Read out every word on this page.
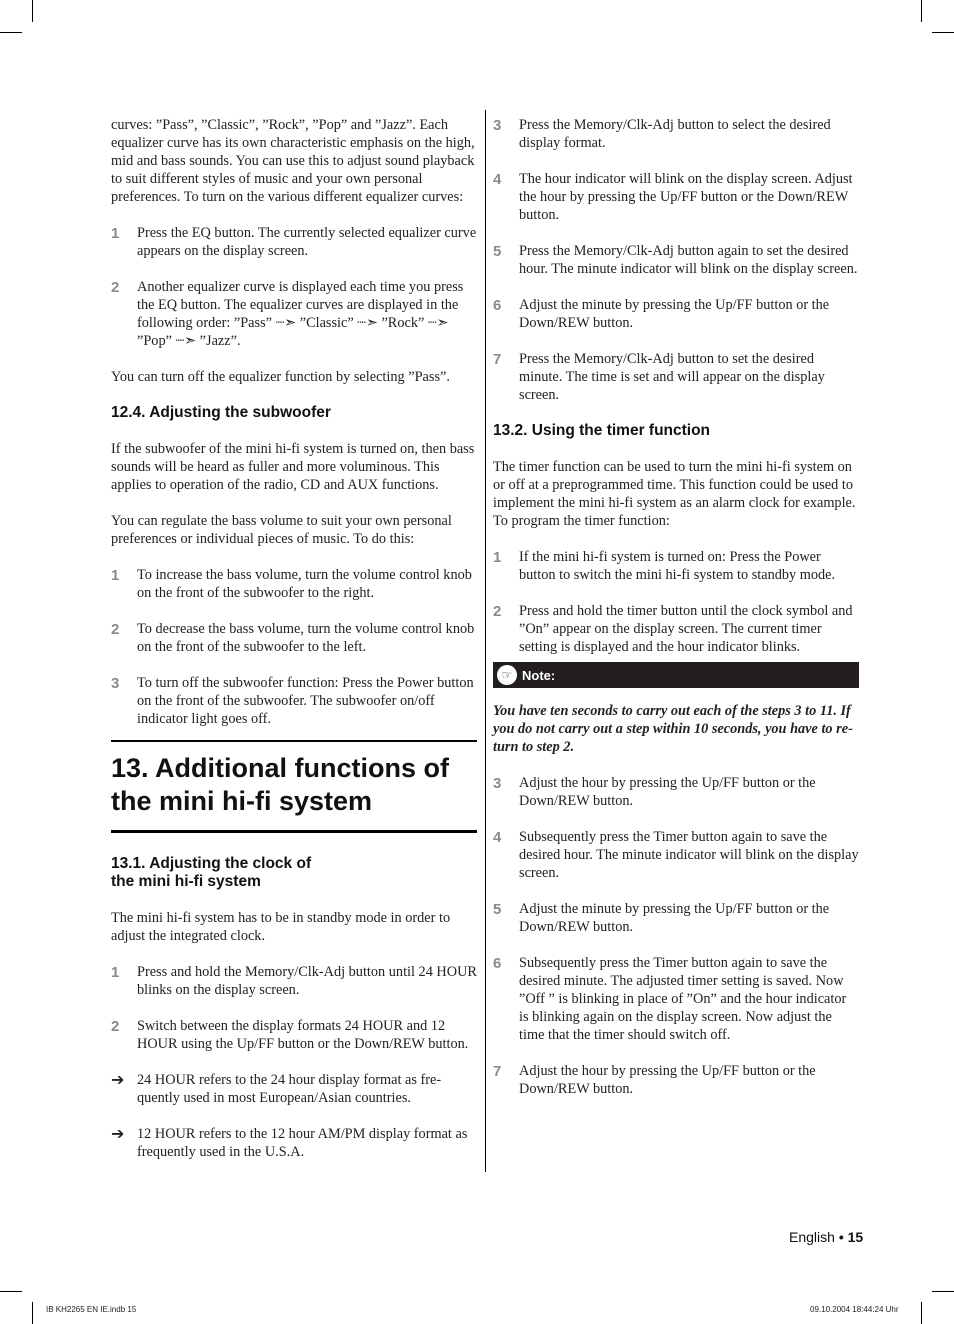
curves: ”Pass”, ”Classic”, ”Rock”, ”Pop” and ”Jazz”. Each equalizer curve has its own characteristic emphasis on the high, mid and bass sounds. You can use this to adjust sound playback to suit different styles of music and your own personal preferences. To turn on the various different equalizer curves:

1 Press the EQ button. The currently selected equalizer curve appears on the display screen.
2 Another equalizer curve is displayed each time you press the EQ button. The equalizer curves are displayed in the following order: ”Pass” ┈➣ ”Classic” ┈➣ ”Rock” ┈➣ ”Pop” ┈➣ ”Jazz”.

You can turn off the equalizer function by selecting ”Pass”.

12.4. Adjusting the subwoofer

If the subwoofer of the mini hi-fi system is turned on, then bass sounds will be heard as fuller and more voluminous. This applies to operation of the radio, CD and AUX functions.

You can regulate the bass volume to suit your own personal preferences or individual pieces of music. To do this:

1 To increase the bass volume, turn the volume control knob on the front of the subwoofer to the right.
2 To decrease the bass volume, turn the volume control knob on the front of the subwoofer to the left.
3 To turn off the subwoofer function: Press the Power button on the front of the subwoofer. The subwoofer on/off indicator light goes off.
13. Additional functions of
the mini hi-fi system
13.1. Adjusting the clock of
the mini hi-fi system

The mini hi-fi system has to be in standby mode in order to adjust the integrated clock.

1 Press and hold the Memory/Clk-Adj button until 24 HOUR blinks on the display screen.
2 Switch between the display formats 24 HOUR and 12 HOUR using the Up/FF button or the Down/REW button.
➔ 24 HOUR refers to the 24 hour display format as frequently used in most European/Asian countries.
➔ 12 HOUR refers to the 12 hour AM/PM display format as frequently used in the U.S.A.
3 Press the Memory/Clk-Adj button to select the desired display format.
4 The hour indicator will blink on the display screen. Adjust the hour by pressing the Up/FF button or the Down/REW button.
5 Press the Memory/Clk-Adj button again to set the desired hour. The minute indicator will blink on the display screen.
6 Adjust the minute by pressing the Up/FF button or the Down/REW button.
7 Press the Memory/Clk-Adj button to set the desired minute. The time is set and will appear on the display screen.
13.2. Using the timer function

The timer function can be used to turn the mini hi-fi system on or off at a preprogrammed time. This function could be used to implement the mini hi-fi system as an alarm clock for example. To program the timer function:

1 If the mini hi-fi system is turned on: Press the Power button to switch the mini hi-fi system to standby mode.
2 Press and hold the timer button until the clock symbol and ”On” appear on the display screen. The current timer setting is displayed and the hour indicator blinks.
☞ Note:

You have ten seconds to carry out each of the steps 3 to 11. If you do not carry out a step within 10 seconds, you have to return to step 2.

3 Adjust the hour by pressing the Up/FF button or the Down/REW button.
4 Subsequently press the Timer button again to save the desired hour. The minute indicator will blink on the display screen.
5 Adjust the minute by pressing the Up/FF button or the Down/REW button.
6 Subsequently press the Timer button again to save the desired minute. The adjusted timer setting is saved. Now ”Off ” is blinking in place of ”On” and the hour indicator is blinking again on the display screen. Now adjust the time that the timer should switch off.
7 Adjust the hour by pressing the Up/FF button or the Down/REW button.
English • 15
IB KH2265 EN IE.indb 15	09.10.2004 18:44:24 Uhr
